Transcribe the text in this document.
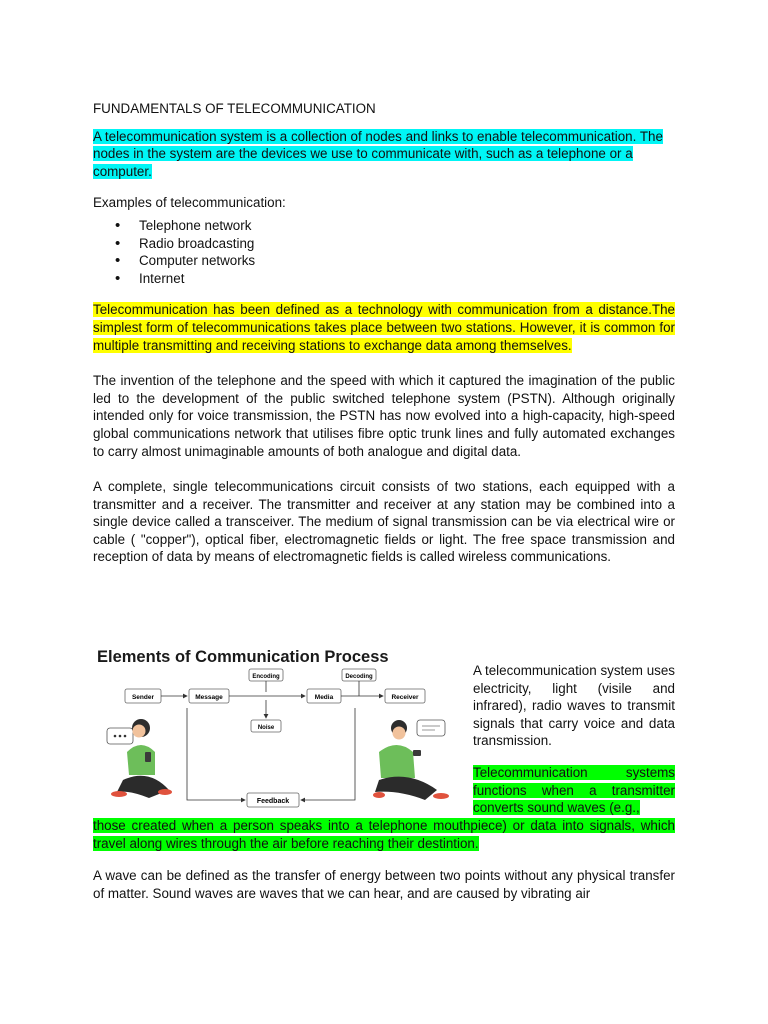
FUNDAMENTALS OF TELECOMMUNICATION

A telecommunication system is a collection of nodes and links to enable telecommunication. The nodes in the system are the devices we use to communicate with, such as a telephone or a computer.

Examples of telecommunication:

• Telephone network
• Radio broadcasting
• Computer networks
• Internet

Telecommunication has been defined as a technology with communication from a distance.The simplest form of telecommunications takes place between two stations. However, it is common for multiple transmitting and receiving stations to exchange data among themselves.

The invention of the telephone and the speed with which it captured the imagination of the public led to the development of the public switched telephone system (PSTN). Although originally intended only for voice transmission, the PSTN has now evolved into a high-capacity, high-speed global communications network that utilises fibre optic trunk lines and fully automated exchanges to carry almost unimaginable amounts of both analogue and digital data.

A complete, single telecommunications circuit consists of two stations, each equipped with a transmitter and a receiver. The transmitter and receiver at any station may be combined into a single device called a transceiver. The medium of signal transmission can be via electrical wire or cable ( "copper"), optical fiber, electromagnetic fields or light. The free space transmission and reception of data by means of electromagnetic fields is called wireless communications.

Elements of Communication Process
Sender	Message
Encoding
Noise
Media
Decoding
Receiver
Feedback

A telecommunication system uses electricity, light (visile and infrared), radio waves to transmit signals that carry voice and data transmission.

Telecommunication systems functions when a transmitter converts sound waves (e.g.,

those created when a person speaks into a telephone mouthpiece) or data into signals, which travel along wires through the air before reaching their destintion.

A wave can be defined as the transfer of energy between two points without any physical transfer of matter. Sound waves are waves that we can hear, and are caused by vibrating air
